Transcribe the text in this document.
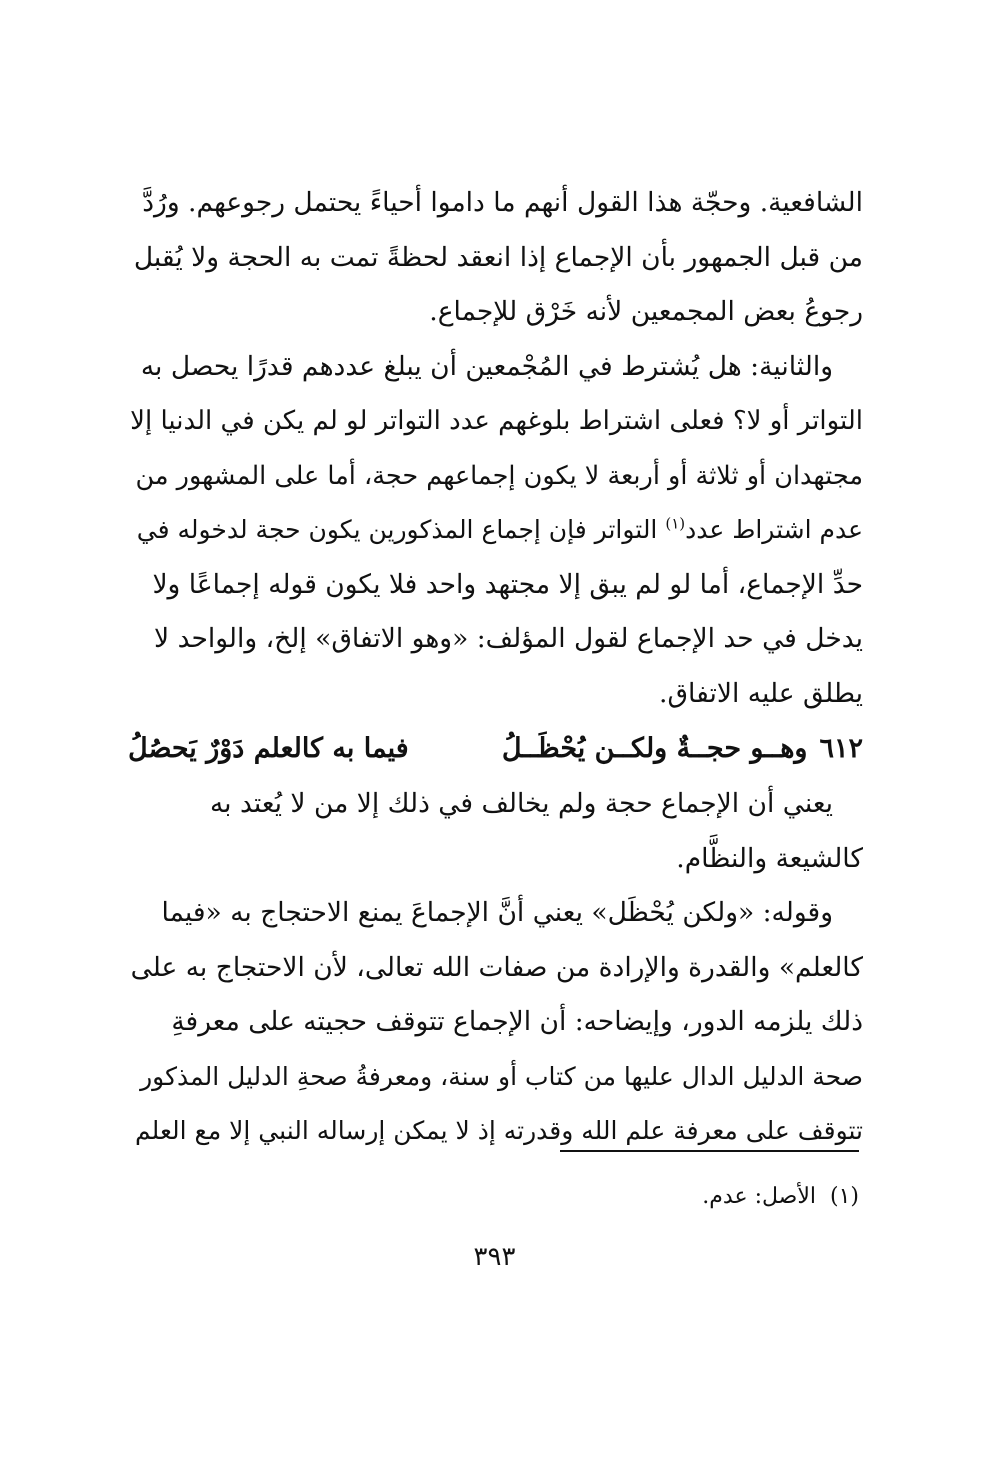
الشافعية. وحجّة هذا القول أنهم ما داموا أحياءً يحتمل رجوعهم. ورُدَّ
من قبل الجمهور بأن الإجماع إذا انعقد لحظةً تمت به الحجة ولا يُقبل
رجوعُ بعض المجمعين لأنه خَرْق للإجماع.

والثانية: هل يُشترط في المُجْمعين أن يبلغ عددهم قدرًا يحصل به
التواتر أو لا؟ فعلى اشتراط بلوغهم عدد التواتر لو لم يكن في الدنيا إلا
مجتهدان أو ثلاثة أو أربعة لا يكون إجماعهم حجة، أما على المشهور من
عدم اشتراط عدد$^{(١)}$ التواتر فإن إجماع المذكورين يكون حجة لدخوله في
حدِّ الإجماع، أما لو لم يبق إلا مجتهد واحد فلا يكون قوله إجماعًا ولا
يدخل في حد الإجماع لقول المؤلف: «وهو الاتفاق» إلخ، والواحد لا
يطلق عليه الاتفاق.

٦١٢وهــو حجــةٌ ولكــن يُحْظَــلُ
فيما به كالعلم دَوْرٌ يَحصُلُ

يعني أن الإجماع حجة ولم يخالف في ذلك إلا من لا يُعتد به
كالشيعة والنظَّام.

وقوله: «ولكن يُحْظَل» يعني أنَّ الإجماعَ يمنع الاحتجاج به «فيما
كالعلم» والقدرة والإرادة من صفات الله تعالى، لأن الاحتجاج به على
ذلك يلزمه الدور، وإيضاحه: أن الإجماع تتوقف حجيته على معرفةِ
صحة الدليل الدال عليها من كتاب أو سنة، ومعرفةُ صحةِ الدليل المذكور
تتوقف على معرفة علم الله وقدرته إذ لا يمكن إرساله النبي إلا مع العلم

(١)الأصل: عدم.
٣٩٣
